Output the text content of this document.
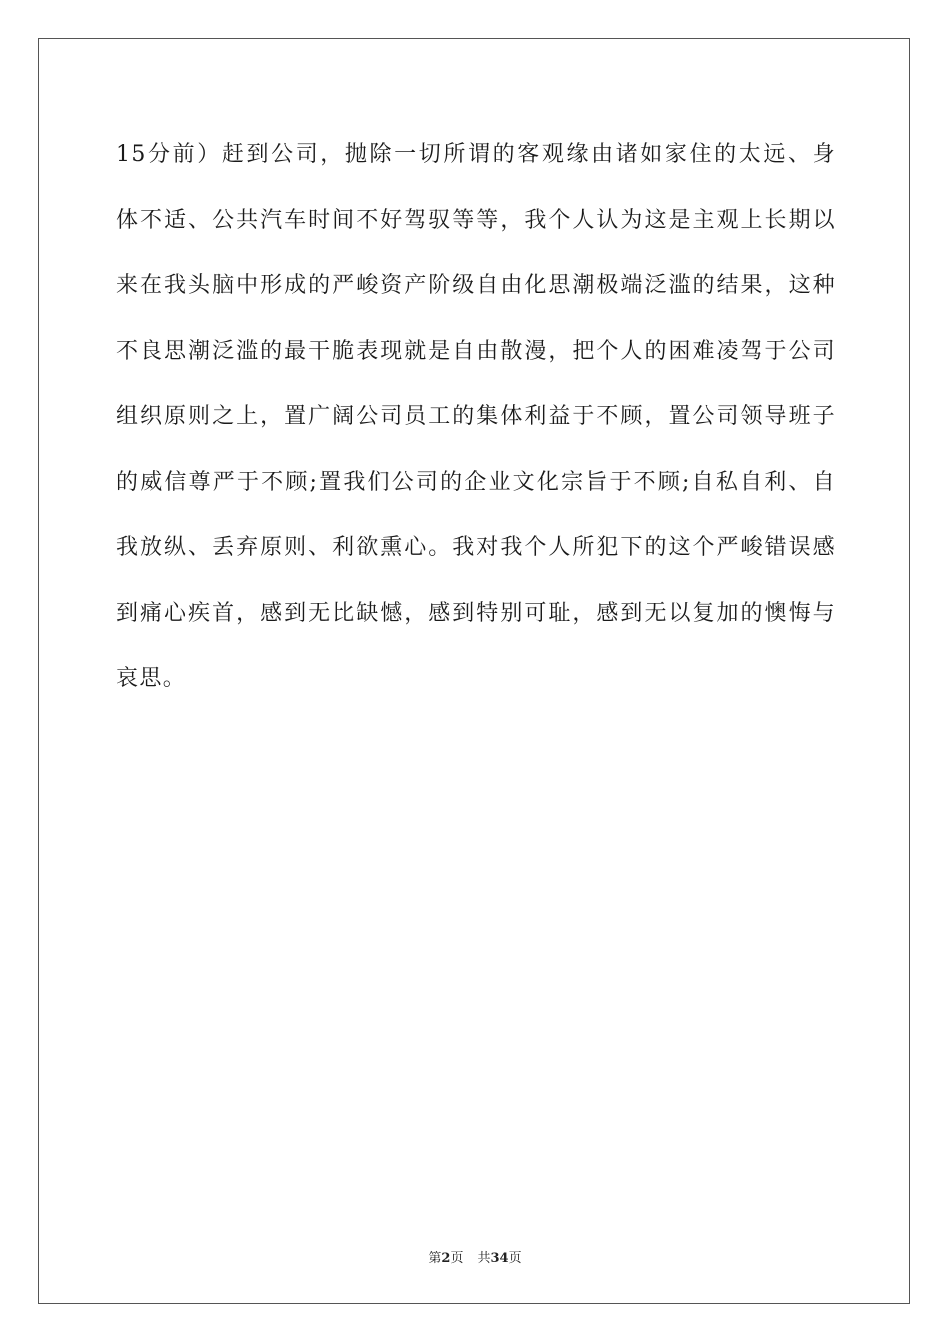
15分前）赶到公司，抛除一切所谓的客观缘由诸如家住的太远、身
体不适、公共汽车时间不好驾驭等等，我个人认为这是主观上长期以
来在我头脑中形成的严峻资产阶级自由化思潮极端泛滥的结果，这种
不良思潮泛滥的最干脆表现就是自由散漫，把个人的困难凌驾于公司
组织原则之上，置广阔公司员工的集体利益于不顾，置公司领导班子
的威信尊严于不顾;置我们公司的企业文化宗旨于不顾;自私自利、自
我放纵、丢弃原则、利欲熏心。我对我个人所犯下的这个严峻错误感
到痛心疾首，感到无比缺憾，感到特别可耻，感到无以复加的懊悔与
哀思。
第2页 共34页
